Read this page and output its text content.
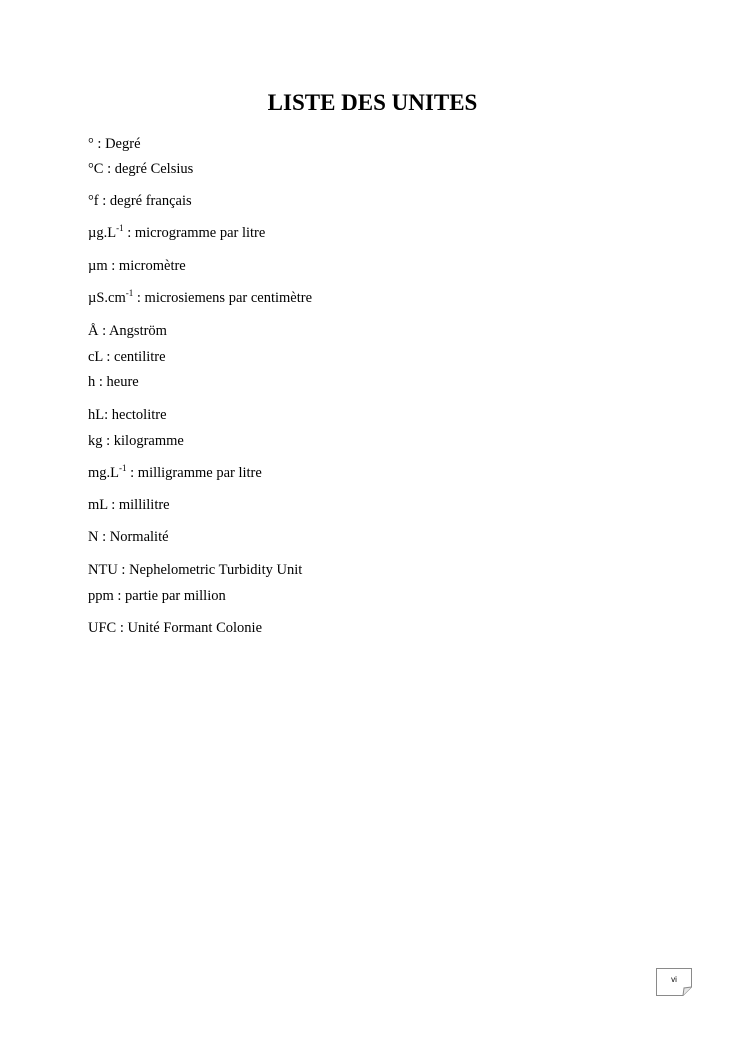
LISTE DES UNITES
° : Degré
°C : degré Celsius
°f : degré français
$\mu g.L^{-1}$ : microgramme par litre
µm : micromètre
$\mu S.cm^{-1}$ : microsiemens par centimètre
Å : Angström
cL : centilitre
h : heure
hL: hectolitre
kg : kilogramme
$mg.L^{-1}$ : milligramme par litre
mL : millilitre
N : Normalité
NTU : Nephelometric Turbidity Unit
ppm : partie par million
UFC : Unité Formant Colonie
vi
